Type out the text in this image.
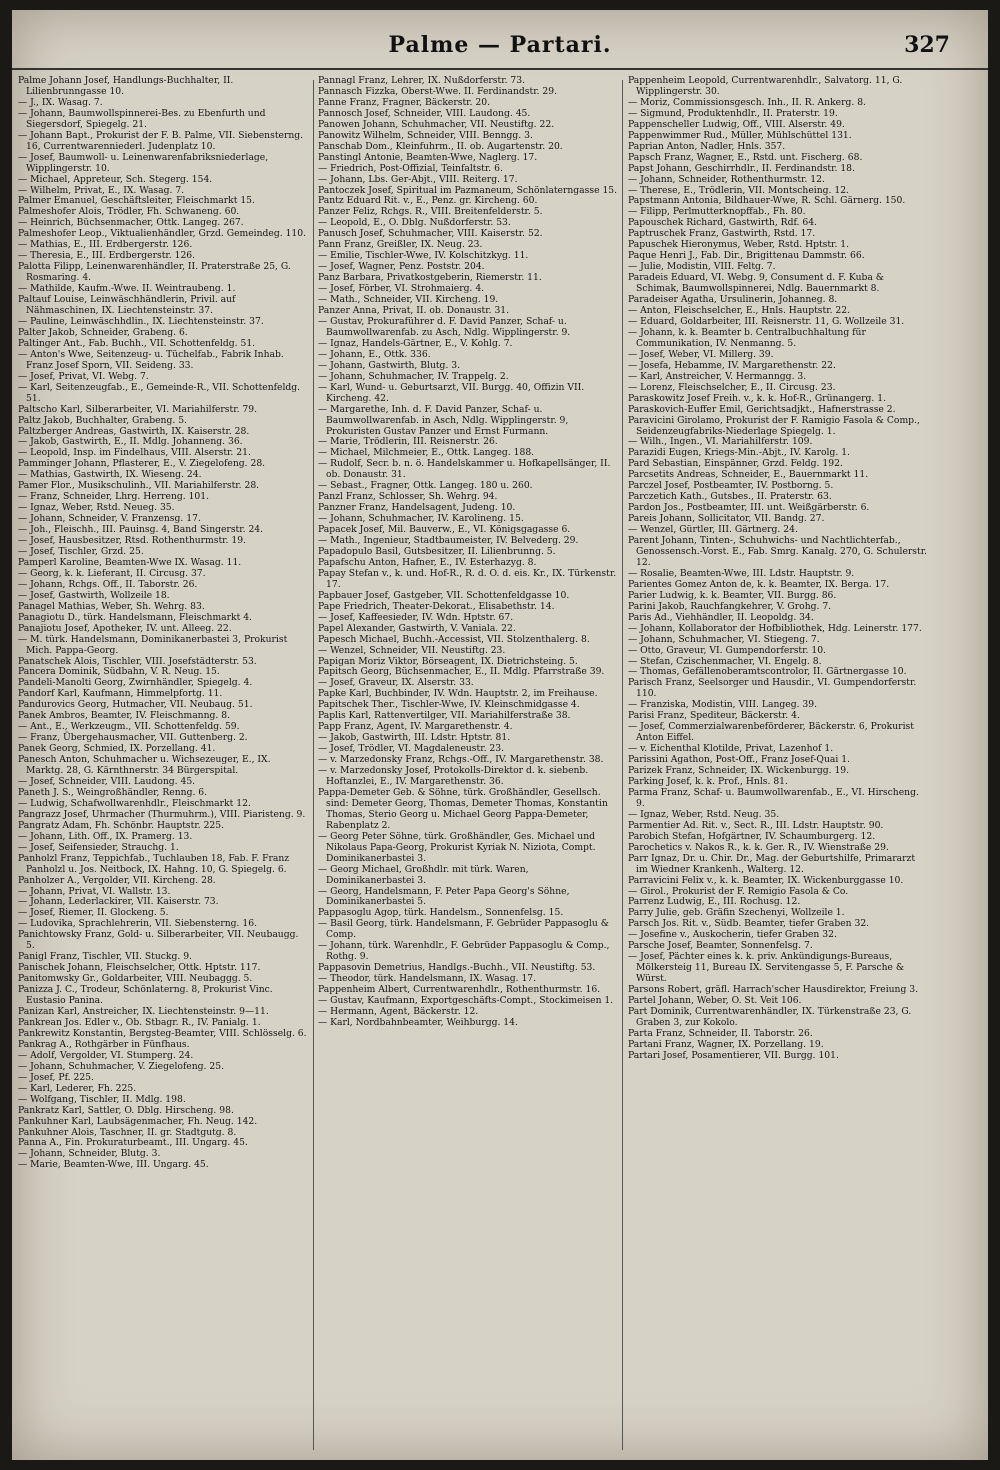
Palme — Partari.	327

Palme Johann Josef, Handlungs-Buchhalter, II. Lilienbrunngasse 10.

— J., IX. Wasag. 7.

— Johann, Baumwollspinnerei-Bes. zu Ebenfurth und Siegersdorf, Spiegelg. 21.

— Johann Bapt., Prokurist der F. B. Palme, VII. Siebensterng. 16, Currentwarenniederl. Judenplatz 10.

— Josef, Baumwoll- u. Leinenwarenfabriksniederlage, Wipplingerstr. 10.

— Michael, Appreteur, Sch. Stegerg. 154.

— Wilhelm, Privat, E., IX. Wasag. 7.

Palmer Emanuel, Geschäftsleiter, Fleischmarkt 15.

Palmeshofer Alois, Trödler, Fh. Schwaneng. 60.

— Heinrich, Büchsenmacher, Ottk. Langeg. 267.

Palmeshofer Leop., Viktualienhändler, Grzd. Gemeindeg. 110.

— Mathias, E., III. Erdbergerstr. 126.

— Theresia, E., III. Erdbergerstr. 126.

Palotta Filipp, Leinenwarenhändler, II. Praterstraße 25, G. Rosmaring. 4.

— Mathilde, Kaufm.-Wwe. II. Weintraubeng. 1.

Paltauf Louise, Leinwäschhändlerin, Privil. auf Nähmaschinen, IX. Liechtensteinstr. 37.

— Pauline, Leinwäschhdlin., IX. Liechtensteinstr. 37.

Palter Jakob, Schneider, Grabeng. 6.

Paltinger Ant., Fab. Buchh., VII. Schottenfeldg. 51.

— Anton's Wwe, Seitenzeug- u. Tüchelfab., Fabrik Inhab. Franz Josef Sporn, VII. Seideng. 33.

— Josef, Privat, VI. Webg. 7.

— Karl, Seitenzeugfab., E., Gemeinde-R., VII. Schottenfeldg. 51.

Paltscho Karl, Silberarbeiter, VI. Mariahilferstr. 79.

Paltz Jakob, Buchhalter, Grabeng. 5.

Paltzberger Andreas, Gastwirth, IX. Kaiserstr. 28.

— Jakob, Gastwirth, E., II. Mdlg. Johanneng. 36.

— Leopold, Insp. im Findelhaus, VIII. Alserstr. 21.

Pamminger Johann, Pflasterer, E., V. Ziegelofeng. 28.

— Mathias, Gastwirth, IX. Wieseng. 24.

Pamer Flor., Musikschulinh., VII. Mariahilferstr. 28.

— Franz, Schneider, Lhrg. Herreng. 101.

— Ignaz, Weber, Rstd. Neueg. 35.

— Johann, Schneider, V. Franzensg. 17.

— Joh., Fleischh., III. Pauinsg. 4, Band Singerstr. 24.

— Josef, Hausbesitzer, Rtsd. Rothenthurmstr. 19.

— Josef, Tischler, Grzd. 25.

Pamperl Karoline, Beamten-Wwe IX. Wasag. 11.

— Georg, k. k. Lieferant, II. Circusg. 37.

— Johann, Rchgs. Off., II. Taborstr. 26.

— Josef, Gastwirth, Wollzeile 18.

Panagel Mathias, Weber, Sh. Wehrg. 83.

Panagiotu D., türk. Handelsmann, Fleischmarkt 4.

Panajiotu Josef, Apotheker, IV. unt. Alleeg. 22.

— M. türk. Handelsmann, Dominikanerbastei 3, Prokurist Mich. Pappa-Georg.

Panatschek Alois, Tischler, VIII. Josefstädterstr. 53.

Pancera Dominik, Südbahn, V. R. Neug. 15.

Pandeli-Manolti Georg, Zwirnhändler, Spiegelg. 4.

Pandorf Karl, Kaufmann, Himmelpfortg. 11.

Pandurovics Georg, Hutmacher, VII. Neubaug. 51.

Panek Ambros, Beamter, IV. Fleischmanng. 8.

— Ant., E., Werkzeugm., VII. Schottenfeldg. 59.

— Franz, Übergehausmacher, VII. Guttenberg. 2.

Panek Georg, Schmied, IX. Porzellang. 41.

Panesch Anton, Schuhmacher u. Wichsezeuger, E., IX. Marktg. 28, G. Kärnthnerstr. 34 Bürgerspital.

— Josef, Schneider, VIII. Laudong. 45.

Paneth J. S., Weingroßhändler, Renng. 6.

— Ludwig, Schafwollwarenhdlr., Fleischmarkt 12.

Pangrazz Josef, Uhrmacher (Thurmuhrm.), VIII. Piaristeng. 9.

Pangratz Adam, Fh. Schönbr. Hauptstr. 225.

— Johann, Lith. Off., IX. Pramerg. 13.

— Josef, Seifensieder, Strauchg. 1.

Panholzl Franz, Teppichfab., Tuchlauben 18, Fab. F. Franz Panholzl u. Jos. Neitbock, IX. Hahng. 10, G. Spiegelg. 6.

Panholzer A., Vergolder, VII. Kircheng. 28.

— Johann, Privat, VI. Wallstr. 13.

— Johann, Lederlackirer, VII. Kaiserstr. 73.

— Josef, Riemer, II. Glockeng. 5.

— Ludovika, Sprachlehrerin, VII. Siebensterng. 16.

Panichtowsky Franz, Gold- u. Silberarbeiter, VII. Neubaugg. 5.

Panigl Franz, Tischler, VII. Stuckg. 9.

Panischek Johann, Fleischselcher, Ottk. Hptstr. 117.

Panitomwsky Gr., Goldarbeiter, VIII. Neubaggg. 5.

Panizza J. C., Trodeur, Schönlaterng. 8, Prokurist Vinc. Eustasio Panina.

Panizan Karl, Anstreicher, IX. Liechtensteinstr. 9—11.

Pankrean Jos. Edler v., Ob. Stbagr. R., IV. Panialg. 1.

Pankrewitz Konstantin, Bergsteg-Beamter, VIII. Schlösselg. 6.

Pankrag A., Rothgärber in Fünfhaus.

— Adolf, Vergolder, VI. Stumperg. 24.

— Johann, Schuhmacher, V. Ziegelofeng. 25.

— Josef, Pf. 225.

— Karl, Lederer, Fh. 225.

— Wolfgang, Tischler, II. Mdlg. 198.

Pankratz Karl, Sattler, O. Dblg. Hirscheng. 98.

Pankuhner Karl, Laubsägenmacher, Fh. Neug. 142.

Pankuhner Alois, Taschner, II. gr. Stadtgutg. 8.

Panna A., Fin. Prokuraturbeamt., III. Ungarg. 45.

— Johann, Schneider, Blutg. 3.

— Marie, Beamten-Wwe, III. Ungarg. 45.

Pannagl Franz, Lehrer, IX. Nußdorferstr. 73.

Pannasch Fizzka, Oberst-Wwe. II. Ferdinandstr. 29.

Panne Franz, Fragner, Bäckerstr. 20.

Pannosch Josef, Schneider, VIII. Laudong. 45.

Panowen Johann, Schuhmacher, VII. Neustiftg. 22.

Panowitz Wilhelm, Schneider, VIII. Benngg. 3.

Panschab Dom., Kleinfuhrm., II. ob. Augartenstr. 20.

Panstingl Antonie, Beamten-Wwe, Naglerg. 17.

— Friedrich, Post-Offizial, Teinfaltstr. 6.

— Johann, Lbs. Ger-Abjt., VIII. Reiterg. 17.

Pantoczek Josef, Spiritual im Pazmaneum, Schönlaterngasse 15.

Pantz Eduard Rit. v., E., Penz. gr. Kircheng. 60.

Panzer Feliz, Rchgs. R., VIII. Breitenfelderstr. 5.

— Leopold, E., O. Dblg. Nußdorferstr. 53.

Panusch Josef, Schuhmacher, VIII. Kaiserstr. 52.

Pann Franz, Greißler, IX. Neug. 23.

— Emilie, Tischler-Wwe, IV. Kolschitzkyg. 11.

— Josef, Wagner, Penz. Poststr. 204.

Panz Barbara, Privatkostgeberin, Riemerstr. 11.

— Josef, Förber, VI. Strohmaierg. 4.

— Math., Schneider, VII. Kircheng. 19.

Panzer Anna, Privat, II. ob. Donaustr. 31.

— Gustav, Prokuraführer d. F. David Panzer, Schaf- u. Baumwollwarenfab. zu Asch, Ndlg. Wipplingerstr. 9.

— Ignaz, Handels-Gärtner, E., V. Kohlg. 7.

— Johann, E., Ottk. 336.

— Johann, Gastwirth, Blutg. 3.

— Johann, Schuhmacher, IV. Trappelg. 2.

— Karl, Wund- u. Geburtsarzt, VII. Burgg. 40, Offizin VII. Kircheng. 42.

— Margarethe, Inh. d. F. David Panzer, Schaf- u. Baumwollwarenfab. in Asch, Ndlg. Wipplingerstr. 9, Prokuristen Gustav Panzer und Ernst Furmann.

— Marie, Trödlerin, III. Reisnerstr. 26.

— Michael, Milchmeier, E., Ottk. Langeg. 188.

— Rudolf, Secr. b. n. ö. Handelskammer u. Hofkapellsänger, II. ob. Donaustr. 31.

— Sebast., Fragner, Ottk. Langeg. 180 u. 260.

Panzl Franz, Schlosser, Sh. Wehrg. 94.

Panzner Franz, Handelsagent, Judeng. 10.

— Johann, Schuhmacher, IV. Karolineng. 15.

Papacek Josef, Mil. Bauverw., E., VI. Königsgagasse 6.

— Math., Ingenieur, Stadtbaumeister, IV. Belvederg. 29.

Papadopulo Basil, Gutsbesitzer, II. Lilienbrunng. 5.

Papafschu Anton, Hafner, E., IV. Esterhazyg. 8.

Papay Stefan v., k. und. Hof-R., R. d. O. d. eis. Kr., IX. Türkenstr. 17.

Papbauer Josef, Gastgeber, VII. Schottenfeldgasse 10.

Pape Friedrich, Theater-Dekorat., Elisabethstr. 14.

— Josef, Kaffeesieder, IV. Wdn. Hptstr. 67.

Papel Alexander, Gastwirth, V. Vaniala. 22.

Papesch Michael, Buchh.-Accessist, VII. Stolzenthalerg. 8.

— Wenzel, Schneider, VII. Neustiftg. 23.

Papigan Moriz Viktor, Börseagent, IX. Dietrichsteing. 5.

Papitsch Georg, Büchsenmacher, E., II. Mdlg. Pfarrstraße 39.

— Josef, Graveur, IX. Alserstr. 33.

Papke Karl, Buchbinder, IV. Wdn. Hauptstr. 2, im Freihause.

Papitschek Ther., Tischler-Wwe, IV. Kleinschmidgasse 4.

Paplis Karl, Rattenvertilger, VII. Mariahilferstraße 38.

Papp Franz, Agent, IV. Margarethenstr. 4.

— Jakob, Gastwirth, III. Ldstr. Hptstr. 81.

— Josef, Trödler, VI. Magdaleneustr. 23.

— v. Marzedonsky Franz, Rchgs.-Off., IV. Margarethenstr. 38.

— v. Marzedonsky Josef, Protokolls-Direktor d. k. siebenb. Hoftanzlei, E., IV. Margarethenstr. 36.

Pappa-Demeter Geb. & Söhne, türk. Großhändler, Gesellsch. sind: Demeter Georg, Thomas, Demeter Thomas, Konstantin Thomas, Sterio Georg u. Michael Georg Pappa-Demeter, Rabenplatz 2.

— Georg Peter Söhne, türk. Großhändler, Ges. Michael und Nikolaus Papa-Georg, Prokurist Kyriak N. Niziota, Compt. Dominikanerbastei 3.

— Georg Michael, Großhdlr. mit türk. Waren, Dominikanerbastei 3.

— Georg, Handelsmann, F. Peter Papa Georg's Söhne, Dominikanerbastei 5.

Pappasoglu Agop, türk. Handelsm., Sonnenfelsg. 15.

— Basil Georg, türk. Handelsmann, F. Gebrüder Pappasoglu & Comp.

— Johann, türk. Warenhdlr., F. Gebrüder Pappasoglu & Comp., Rothg. 9.

Pappasovin Demetrius, Handlgs.-Buchh., VII. Neustiftg. 53.

— Theodor, türk. Handelsmann, IX. Wasag. 17.

Pappenheim Albert, Currentwarenhdlr., Rothenthurmstr. 16.

— Gustav, Kaufmann, Exportgeschäfts-Compt., Stockimeisen 1.

— Hermann, Agent, Bäckerstr. 12.

— Karl, Nordbahnbeamter, Weihburgg. 14.

Pappenheim Leopold, Currentwarenhdlr., Salvatorg. 11, G. Wipplingerstr. 30.

— Moriz, Commissionsgesch. Inh., II. R. Ankerg. 8.

— Sigmund, Produktenhdlr., II. Praterstr. 19.

Pappenscheller Ludwig, Off., VIII. Alserstr. 49.

Pappenwimmer Rud., Müller, Mühlschüttel 131.

Paprian Anton, Nadler, Hnls. 357.

Papsch Franz, Wagner, E., Rstd. unt. Fischerg. 68.

Papst Johann, Geschirrhdlr., II. Ferdinandstr. 18.

— Johann, Schneider, Rothenthurmstr. 12.

— Therese, E., Trödlerin, VII. Montscheing. 12.

Papstmann Antonia, Bildhauer-Wwe, R. Schl. Gärnerg. 150.

— Filipp, Perlmutterknopffab., Fh. 80.

Papouschek Richard, Gastwirth, Rdf. 64.

Paptruschek Franz, Gastwirth, Rstd. 17.

Papuschek Hieronymus, Weber, Rstd. Hptstr. 1.

Paque Henri J., Fab. Dir., Brigittenau Dammstr. 66.

— Julie, Modistin, VIII. Feltg. 7.

Paradeis Eduard, VI. Webg. 9, Consument d. F. Kuba & Schimak, Baumwollspinnerei, Ndlg. Bauernmarkt 8.

Paradeiser Agatha, Ursulinerin, Johanneg. 8.

— Anton, Fleischselcher, E., Hnls. Hauptstr. 22.

— Eduard, Goldarbeiter, III. Reisnerstr. 11, G. Wollzeile 31.

— Johann, k. k. Beamter b. Centralbuchhaltung für Communikation, IV. Nenmanng. 5.

— Josef, Weber, VI. Millerg. 39.

— Josefa, Hebamme, IV. Margarethenstr. 22.

— Karl, Anstreicher, V. Hermanngg. 3.

— Lorenz, Fleischselcher, E., II. Circusg. 23.

Paraskowitz Josef Freih. v., k. k. Hof-R., Grünangerg. 1.

Paraskovich-Euffer Emil, Gerichtsadjkt., Hafnerstrasse 2.

Paravicini Girolamo, Prokurist der F. Ramigio Fasola & Comp., Seidenzeugfabriks-Niederlage Spiegelg. 1.

— Wilh., Ingen., VI. Mariahilferstr. 109.

Parazidi Eugen, Kriegs-Min.-Abjt., IV. Karolg. 1.

Pard Sebastian, Einspänner, Grzd. Feldg. 192.

Parcsetits Andreas, Schneider, E., Bauernmarkt 11.

Parczel Josef, Postbeamter, IV. Postborng. 5.

Parczetich Kath., Gutsbes., II. Praterstr. 63.

Pardon Jos., Postbeamter, III. unt. Weißgärberstr. 6.

Pareis Johann, Sollicitator, VII. Bandg. 27.

— Wenzel, Gürtler, III. Gärtnerg. 24.

Parent Johann, Tinten-, Schuhwichs- und Nachtlichterfab., Genossensch.-Vorst. E., Fab. Smrg. Kanalg. 270, G. Schulerstr. 12.

— Rosalie, Beamten-Wwe, III. Ldstr. Hauptstr. 9.

Parientes Gomez Anton de, k. k. Beamter, IX. Berga. 17.

Parier Ludwig, k. k. Beamter, VII. Burgg. 86.

Parini Jakob, Rauchfangkehrer, V. Grohg. 7.

Paris Ad., Viehhändler, II. Leopoldg. 34.

— Johann, Kollaborator der Hofbibliothek, Hdg. Leinerstr. 177.

— Johann, Schuhmacher, VI. Stiegeng. 7.

— Otto, Graveur, VI. Gumpendorferstr. 10.

— Stefan, Czischenmacher, VI. Engelg. 8.

— Thomas, Gefällenoberamtscontrolor, II. Gärtnergasse 10.

Parisch Franz, Seelsorger und Hausdir., VI. Gumpendorferstr. 110.

— Franziska, Modistin, VIII. Langeg. 39.

Parisi Franz, Spediteur, Bäckerstr. 4.

— Josef, Commerzialwarenbeförderer, Bäckerstr. 6, Prokurist Anton Eiffel.

— v. Eichenthal Klotilde, Privat, Lazenhof 1.

Parissini Agathon, Post-Off., Franz Josef-Quai 1.

Parizek Franz, Schneider, IX. Wickenburgg. 19.

Parking Josef, k. k. Prof., Hnls. 81.

Parma Franz, Schaf- u. Baumwollwarenfab., E., VI. Hirscheng. 9.

— Ignaz, Weber, Rstd. Neug. 35.

Parmentier Ad. Rit. v., Sect. R., III. Ldstr. Hauptstr. 90.

Parobich Stefan, Hofgärtner, IV. Schaumburgerg. 12.

Parochetics v. Nakos R., k. k. Ger. R., IV. Wienstraße 29.

Parr Ignaz, Dr. u. Chir. Dr., Mag. der Geburtshilfe, Primararzt im Wiedner Krankenh., Walterg. 12.

Parravicini Felix v., k. k. Beamter, IX. Wickenburggasse 10.

— Girol., Prokurist der F. Remigio Fasola & Co.

Parrenz Ludwig, E., III. Rochusg. 12.

Parry Julie, geb. Gräfin Szechenyi, Wollzeile 1.

Parsch Jos. Rit. v., Südb. Beamter, tiefer Graben 32.

— Josefine v., Auskocherin, tiefer Graben 32.

Parsche Josef, Beamter, Sonnenfelsg. 7.

— Josef, Pächter eines k. k. priv. Ankündigungs-Bureaus, Mölkersteig 11, Bureau IX. Servitengasse 5, F. Parsche & Würst.

Parsons Robert, gräfl. Harrach'scher Hausdirektor, Freiung 3.

Partel Johann, Weber, O. St. Veit 106.

Part Dominik, Currentwarenhändler, IX. Türkenstraße 23, G. Graben 3, zur Kokolo.

Parta Franz, Schneider, II. Taborstr. 26.

Partani Franz, Wagner, IX. Porzellang. 19.

Partari Josef, Posamentierer, VII. Burgg. 101.
